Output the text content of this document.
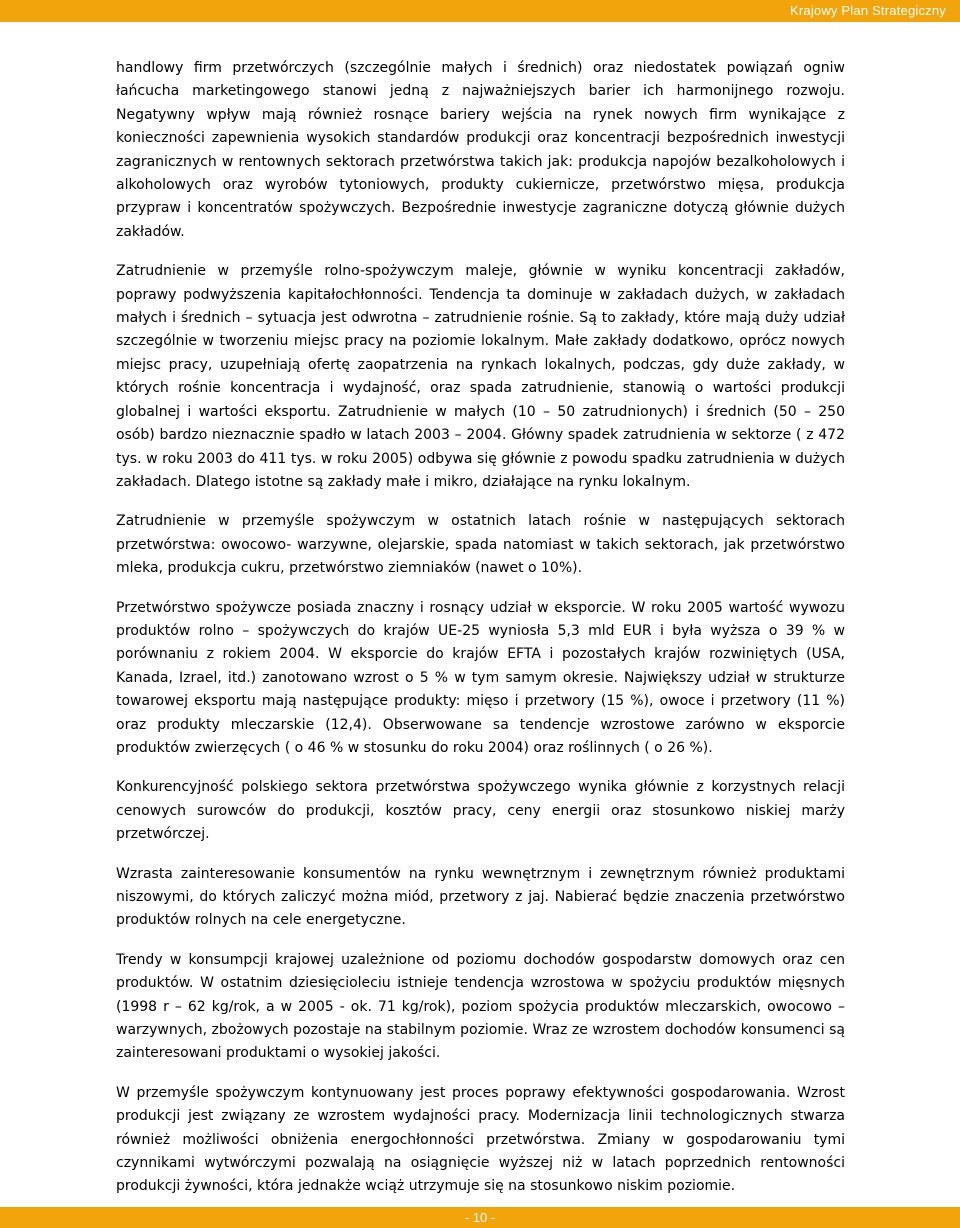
Krajowy Plan Strategiczny

handlowy firm przetwórczych (szczególnie małych i średnich) oraz niedostatek powiązań ogniw łańcucha marketingowego stanowi jedną z najważniejszych barier ich harmonijnego rozwoju. Negatywny wpływ mają również rosnące bariery wejścia na rynek nowych firm wynikające z konieczności zapewnienia wysokich standardów produkcji oraz koncentracji bezpośrednich inwestycji zagranicznych w rentownych sektorach przetwórstwa takich jak: produkcja napojów bezalkoholowych i alkoholowych oraz wyrobów tytoniowych, produkty cukiernicze, przetwórstwo mięsa, produkcja przypraw i koncentratów spożywczych. Bezpośrednie inwestycje zagraniczne dotyczą głównie dużych zakładów.

Zatrudnienie w przemyśle rolno-spożywczym maleje, głównie w wyniku koncentracji zakładów, poprawy podwyższenia kapitałochłonności. Tendencja ta dominuje w zakładach dużych, w zakładach małych i średnich – sytuacja jest odwrotna – zatrudnienie rośnie. Są to zakłady, które mają duży udział szczególnie w tworzeniu miejsc pracy na poziomie lokalnym. Małe zakłady dodatkowo, oprócz nowych miejsc pracy, uzupełniają ofertę zaopatrzenia na rynkach lokalnych, podczas, gdy duże zakłady, w których rośnie koncentracja i wydajność, oraz spada zatrudnienie, stanowią o wartości produkcji globalnej i wartości eksportu. Zatrudnienie w małych (10 – 50 zatrudnionych) i średnich (50 – 250 osób) bardzo nieznacznie spadło w latach 2003 – 2004. Główny spadek zatrudnienia w sektorze ( z 472 tys. w roku 2003 do 411 tys. w roku 2005) odbywa się głównie z powodu spadku zatrudnienia w dużych zakładach. Dlatego istotne są zakłady małe i mikro, działające na rynku lokalnym.

Zatrudnienie w przemyśle spożywczym w ostatnich latach rośnie w następujących sektorach przetwórstwa: owocowo- warzywne, olejarskie, spada natomiast w takich sektorach, jak przetwórstwo mleka, produkcja cukru, przetwórstwo ziemniaków (nawet o 10%).

Przetwórstwo spożywcze posiada znaczny i rosnący udział w eksporcie. W roku 2005 wartość wywozu produktów rolno – spożywczych do krajów UE-25 wyniosła 5,3 mld EUR i była wyższa o 39 % w porównaniu z rokiem 2004. W eksporcie do krajów EFTA i pozostałych krajów rozwiniętych (USA, Kanada, Izrael, itd.) zanotowano wzrost o 5 % w tym samym okresie. Największy udział w strukturze towarowej eksportu mają następujące produkty: mięso i przetwory (15 %), owoce i przetwory (11 %) oraz produkty mleczarskie (12,4). Obserwowane sa tendencje wzrostowe zarówno w eksporcie produktów zwierzęcych ( o 46 % w stosunku do roku 2004) oraz roślinnych ( o 26 %).

Konkurencyjność polskiego sektora przetwórstwa spożywczego wynika głównie z korzystnych relacji cenowych surowców do produkcji, kosztów pracy, ceny energii oraz stosunkowo niskiej marży przetwórczej.

Wzrasta zainteresowanie konsumentów na rynku wewnętrznym i zewnętrznym również produktami niszowymi, do których zaliczyć można miód, przetwory z jaj. Nabierać będzie znaczenia przetwórstwo produktów rolnych na cele energetyczne.

Trendy w konsumpcji krajowej uzależnione od poziomu dochodów gospodarstw domowych oraz cen produktów. W ostatnim dziesięcioleciu istnieje tendencja wzrostowa w spożyciu produktów mięsnych (1998 r – 62 kg/rok, a w 2005 - ok. 71 kg/rok), poziom spożycia produktów mleczarskich, owocowo – warzywnych, zbożowych pozostaje na stabilnym poziomie. Wraz ze wzrostem dochodów konsumenci są zainteresowani produktami o wysokiej jakości.

W przemyśle spożywczym kontynuowany jest proces poprawy efektywności gospodarowania. Wzrost produkcji jest związany ze wzrostem wydajności pracy. Modernizacja linii technologicznych stwarza również możliwości obniżenia energochłonności przetwórstwa. Zmiany w gospodarowaniu tymi czynnikami wytwórczymi pozwalają na osiągnięcie wyższej niż w latach poprzednich rentowności produkcji żywności, która jednakże wciąż utrzymuje się na stosunkowo niskim poziomie.

- 10 -
